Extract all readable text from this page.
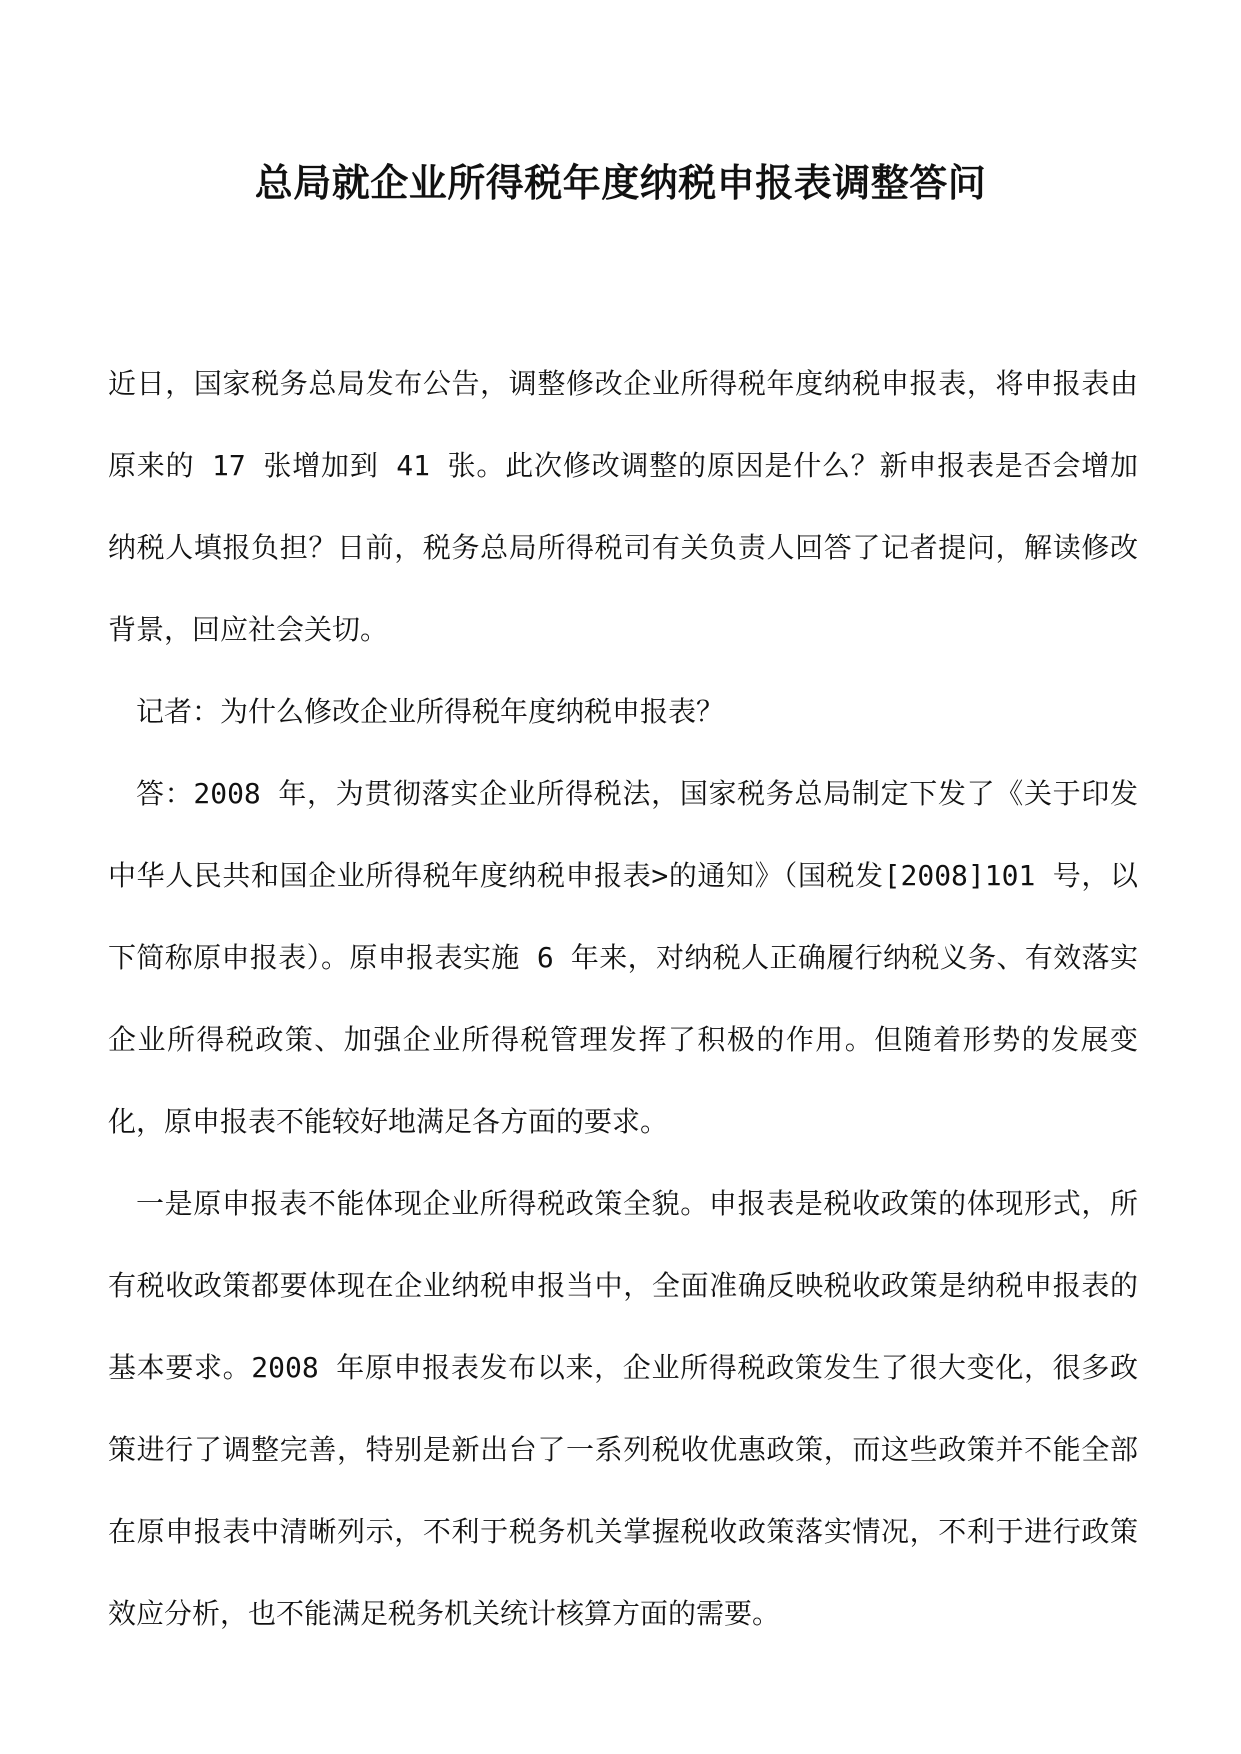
总局就企业所得税年度纳税申报表调整答问

近日，国家税务总局发布公告，调整修改企业所得税年度纳税申报表，将申报表由原来的 17 张增加到 41 张。此次修改调整的原因是什么？新申报表是否会增加纳税人填报负担？日前，税务总局所得税司有关负责人回答了记者提问，解读修改背景，回应社会关切。

记者：为什么修改企业所得税年度纳税申报表？

答：2008 年，为贯彻落实企业所得税法，国家税务总局制定下发了《关于印发中华人民共和国企业所得税年度纳税申报表>的通知》（国税发[2008]101 号，以下简称原申报表）。原申报表实施 6 年来，对纳税人正确履行纳税义务、有效落实企业所得税政策、加强企业所得税管理发挥了积极的作用。但随着形势的发展变化，原申报表不能较好地满足各方面的要求。

一是原申报表不能体现企业所得税政策全貌。申报表是税收政策的体现形式，所有税收政策都要体现在企业纳税申报当中，全面准确反映税收政策是纳税申报表的基本要求。2008 年原申报表发布以来，企业所得税政策发生了很大变化，很多政策进行了调整完善，特别是新出台了一系列税收优惠政策，而这些政策并不能全部在原申报表中清晰列示，不利于税务机关掌握税收政策落实情况，不利于进行政策效应分析，也不能满足税务机关统计核算方面的需要。
